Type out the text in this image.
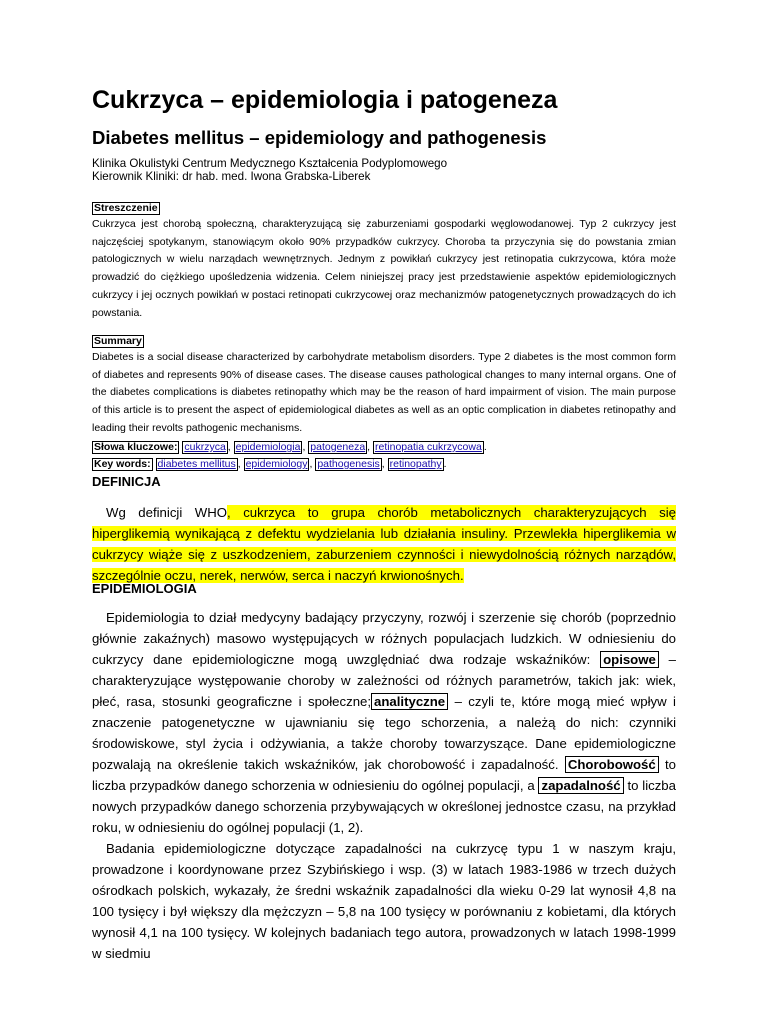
Cukrzyca – epidemiologia i patogeneza
Diabetes mellitus – epidemiology and pathogenesis
Klinika Okulistyki Centrum Medycznego Kształcenia Podyplomowego
Kierownik Kliniki: dr hab. med. Iwona Grabska-Liberek
Streszczenie

Cukrzyca jest chorobą społeczną, charakteryzującą się zaburzeniami gospodarki węglowodanowej. Typ 2 cukrzycy jest najczęściej spotykanym, stanowiącym około 90% przypadków cukrzycy. Choroba ta przyczynia się do powstania zmian patologicznych w wielu narządach wewnętrznych. Jednym z powikłań cukrzycy jest retinopatia cukrzycowa, która może prowadzić do ciężkiego upośledzenia widzenia. Celem niniejszej pracy jest przedstawienie aspektów epidemiologicznych cukrzycy i jej ocznych powikłań w postaci retinopati cukrzycowej oraz mechanizmów patogenetycznych prowadzących do ich powstania.

Summary

Diabetes is a social disease characterized by carbohydrate metabolism disorders. Type 2 diabetes is the most common form of diabetes and represents 90% of disease cases. The disease causes pathological changes to many internal organs. One of the diabetes complications is diabetes retinopathy which may be the reason of hard impairment of vision. The main purpose of this article is to present the aspect of epidemiological diabetes as well as an optic complication in diabetes retinopathy and leading their revolts pathogenic mechanisms.

Słowa kluczowe: cukrzyca , epidemiologia , patogeneza , retinopatia cukrzycowa .
Key words: diabetes mellitus , epidemiology , pathogenesis , retinopathy .
DEFINICJA

Wg definicji WHO, cukrzyca to grupa chorób metabolicznych charakteryzujących się hiperglikemią wynikającą z defektu wydzielania lub działania insuliny. Przewlekła hiperglikemia w cukrzycy wiąże się z uszkodzeniem, zaburzeniem czynności i niewydolnością różnych narządów, szczególnie oczu, nerek, nerwów, serca i naczyń krwionośnych.

EPIDEMIOLOGIA

Epidemiologia to dział medycyny badający przyczyny, rozwój i szerzenie się chorób (poprzednio głównie zakaźnych) masowo występujących w różnych populacjach ludzkich. W odniesieniu do cukrzycy dane epidemiologiczne mogą uwzględniać dwa rodzaje wskaźników: opisowe – charakteryzujące występowanie choroby w zależności od różnych parametrów, takich jak: wiek, płeć, rasa, stosunki geograficzne i społeczne; analityczne – czyli te, które mogą mieć wpływ i znaczenie patogenetyczne w ujawnianiu się tego schorzenia, a należą do nich: czynniki środowiskowe, styl życia i odżywiania, a także choroby towarzyszące. Dane epidemiologiczne pozwalają na określenie takich wskaźników, jak chorobowość i zapadalność. Chorobowość to liczba przypadków danego schorzenia w odniesieniu do ogólnej populacji, a zapadalność to liczba nowych przypadków danego schorzenia przybywających w określonej jednostce czasu, na przykład roku, w odniesieniu do ogólnej populacji (1, 2).

Badania epidemiologiczne dotyczące zapadalności na cukrzycę typu 1 w naszym kraju, prowadzone i koordynowane przez Szybińskiego i wsp. (3) w latach 1983-1986 w trzech dużych ośrodkach polskich, wykazały, że średni wskaźnik zapadalności dla wieku 0-29 lat wynosił 4,8 na 100 tysięcy i był większy dla mężczyzn – 5,8 na 100 tysięcy w porównaniu z kobietami, dla których wynosił 4,1 na 100 tysięcy. W kolejnych badaniach tego autora, prowadzonych w latach 1998-1999 w siedmiu
